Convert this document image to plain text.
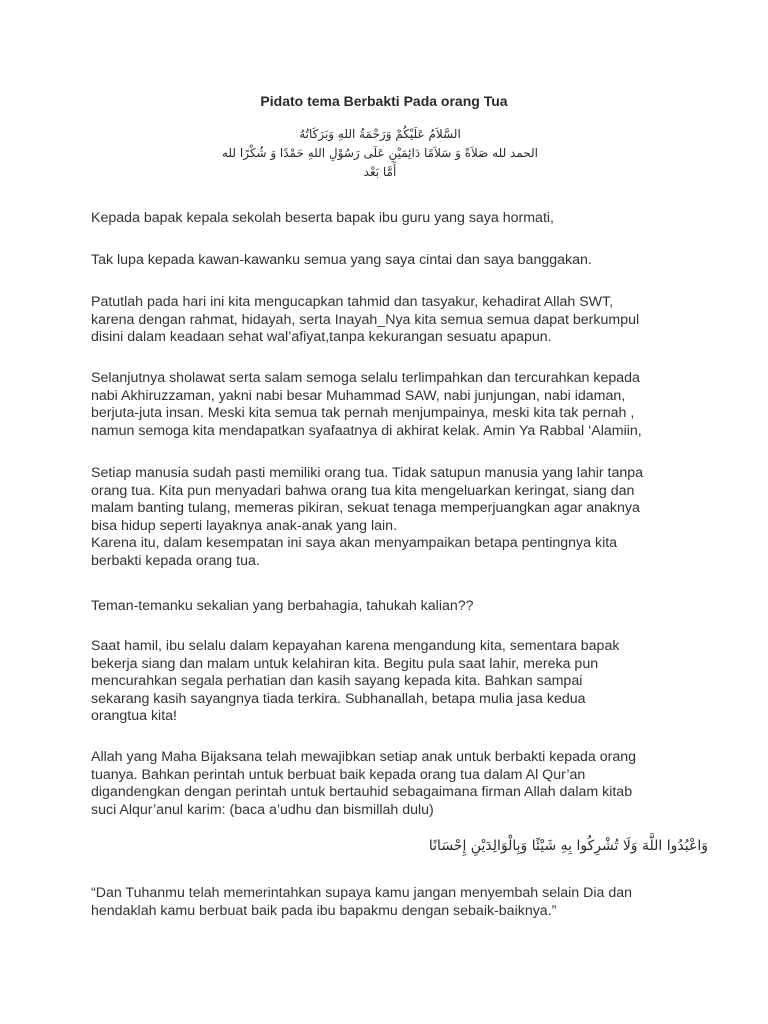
Pidato tema Berbakti Pada orang Tua
السَّلاَمُ عَلَيْكُمْ وَرَحْمَةُ اللهِ وَبَرَكَاتُهُ
الحمد لله صَلاَةً وَ سَلاَمًا دَائِمَيْنِ عَلَى رَسُوْلِ اللهِ حَمْدًا وَ شُكْرًا لله
أَمَّا بَعْد

Kepada bapak kepala sekolah beserta bapak ibu guru yang saya hormati,

Tak lupa kepada kawan-kawanku semua yang saya cintai dan saya banggakan.

Patutlah pada hari ini kita mengucapkan tahmid dan tasyakur, kehadirat Allah SWT,
karena dengan rahmat, hidayah, serta Inayah_Nya kita semua semua dapat berkumpul
disini dalam keadaan sehat wal’afiyat,tanpa kekurangan sesuatu apapun.

Selanjutnya sholawat serta salam semoga selalu terlimpahkan dan tercurahkan kepada
nabi Akhiruzzaman, yakni nabi besar Muhammad SAW, nabi junjungan, nabi idaman,
berjuta-juta insan. Meski kita semua tak pernah menjumpainya, meski kita tak pernah ,
namun semoga kita mendapatkan syafaatnya di akhirat kelak. Amin Ya Rabbal ‘Alamiin,

Setiap manusia sudah pasti memiliki orang tua. Tidak satupun manusia yang lahir tanpa
orang tua. Kita pun menyadari bahwa orang tua kita mengeluarkan keringat, siang dan
malam banting tulang, memeras pikiran, sekuat tenaga memperjuangkan agar anaknya
bisa hidup seperti layaknya anak-anak yang lain.
Karena itu, dalam kesempatan ini saya akan menyampaikan betapa pentingnya kita
berbakti kepada orang tua.

Teman-temanku sekalian yang berbahagia, tahukah kalian??

Saat hamil, ibu selalu dalam kepayahan karena mengandung kita, sementara bapak
bekerja siang dan malam untuk kelahiran kita. Begitu pula saat lahir, mereka pun
mencurahkan segala perhatian dan kasih sayang kepada kita. Bahkan sampai
sekarang kasih sayangnya tiada terkira. Subhanallah, betapa mulia jasa kedua
orangtua kita!

Allah yang Maha Bijaksana telah mewajibkan setiap anak untuk berbakti kepada orang
tuanya. Bahkan perintah untuk berbuat baik kepada orang tua dalam Al Qur’an
digandengkan dengan perintah untuk bertauhid sebagaimana firman Allah dalam kitab
suci Alqur’anul karim: (baca a’udhu dan bismillah dulu)

وَاعْبُدُوا اللَّهَ وَلَا تُشْرِكُوا بِهِ شَيْئًا وَبِالْوَالِدَيْنِ إِحْسَانًا

“Dan Tuhanmu telah memerintahkan supaya kamu jangan menyembah selain Dia dan
hendaklah kamu berbuat baik pada ibu bapakmu dengan sebaik-baiknya.”
